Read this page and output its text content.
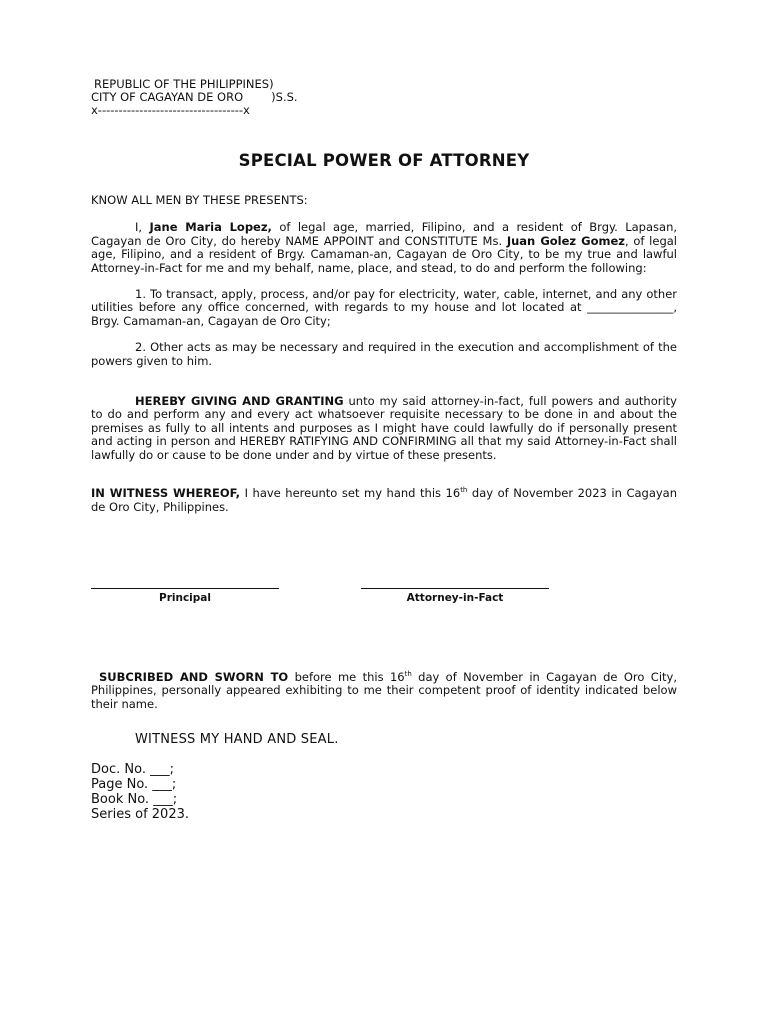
REPUBLIC OF THE PHILIPPINES)
CITY OF CAGAYAN DE ORO )S.S.
x-----------------------------------x
SPECIAL POWER OF ATTORNEY

KNOW ALL MEN BY THESE PRESENTS:

I, Jane Maria Lopez, of legal age, married, Filipino, and a resident of Brgy. Lapasan, Cagayan de Oro City, do hereby NAME APPOINT and CONSTITUTE Ms. Juan Golez Gomez, of legal age, Filipino, and a resident of Brgy. Camaman-an, Cagayan de Oro City, to be my true and lawful Attorney-in-Fact for me and my behalf, name, place, and stead, to do and perform the following:

1. To transact, apply, process, and/or pay for electricity, water, cable, internet, and any other utilities before any office concerned, with regards to my house and lot located at _______________, Brgy. Camaman-an, Cagayan de Oro City;

2. Other acts as may be necessary and required in the execution and accomplishment of the powers given to him.

HEREBY GIVING AND GRANTING unto my said attorney-in-fact, full powers and authority to do and perform any and every act whatsoever requisite necessary to be done in and about the premises as fully to all intents and purposes as I might have could lawfully do if personally present and acting in person and HEREBY RATIFYING AND CONFIRMING all that my said Attorney-in-Fact shall lawfully do or cause to be done under and by virtue of these presents.

IN WITNESS WHEREOF, I have hereunto set my hand this 16th day of November 2023 in Cagayan de Oro City, Philippines.

Principal	Attorney-in-Fact

SUBCRIBED AND SWORN TO before me this 16th day of November in Cagayan de Oro City, Philippines, personally appeared exhibiting to me their competent proof of identity indicated below their name.

WITNESS MY HAND AND SEAL.
Doc. No. ___;
Page No. ___;
Book No. ___;
Series of 2023.
